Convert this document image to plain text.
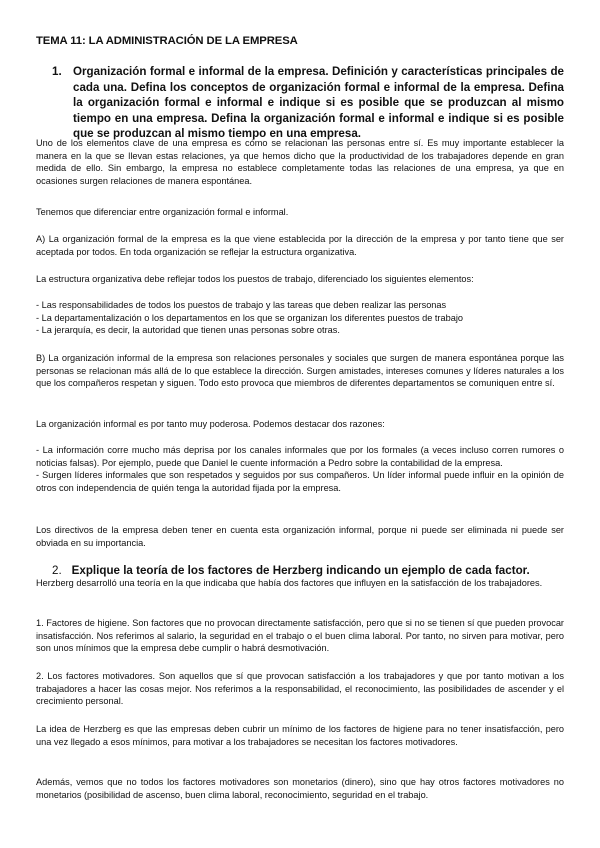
TEMA 11: LA ADMINISTRACIÓN DE LA EMPRESA
1. Organización formal e informal de la empresa. Definición y características principales de cada una. Defina los conceptos de organización formal e informal de la empresa. Defina la organización formal e informal e indique si es posible que se produzcan al mismo tiempo en una empresa. Defina la organización formal e informal e indique si es posible que se produzcan al mismo tiempo en una empresa.
Uno de los elementos clave de una empresa es cómo se relacionan las personas entre sí. Es muy importante establecer la manera en la que se llevan estas relaciones, ya que hemos dicho que la productividad de los trabajadores depende en gran medida de ello. Sin embargo, la empresa no establece completamente todas las relaciones de una empresa, ya que en ocasiones surgen relaciones de manera espontánea.
Tenemos que diferenciar entre organización formal e informal.
A) La organización formal de la empresa es la que viene establecida por la dirección de la empresa y por tanto tiene que ser aceptada por todos. En toda organización se reflejar la estructura organizativa.
La estructura organizativa debe reflejar todos los puestos de trabajo, diferenciado los siguientes elementos:
- Las responsabilidades de todos los puestos de trabajo y las tareas que deben realizar las personas
- La departamentalización o los departamentos en los que se organizan los diferentes puestos de trabajo
- La jerarquía, es decir, la autoridad que tienen unas personas sobre otras.
B) La organización informal de la empresa son relaciones personales y sociales que surgen de manera espontánea porque las personas se relacionan más allá de lo que establece la dirección. Surgen amistades, intereses comunes y líderes naturales a los que los compañeros respetan y siguen. Todo esto provoca que miembros de diferentes departamentos se comuniquen entre sí.
La organización informal es por tanto muy poderosa. Podemos destacar dos razones:
- La información corre mucho más deprisa por los canales informales que por los formales (a veces incluso corren rumores o noticias falsas). Por ejemplo, puede que Daniel le cuente información a Pedro sobre la contabilidad de la empresa.
- Surgen líderes informales que son respetados y seguidos por sus compañeros. Un líder informal puede influir en la opinión de otros con independencia de quién tenga la autoridad fijada por la empresa.
Los directivos de la empresa deben tener en cuenta esta organización informal, porque ni puede ser eliminada ni puede ser obviada en su importancia.
2. Explique la teoría de los factores de Herzberg indicando un ejemplo de cada factor.
Herzberg desarrolló una teoría en la que indicaba que había dos factores que influyen en la satisfacción de los trabajadores.
1. Factores de higiene. Son factores que no provocan directamente satisfacción, pero que si no se tienen sí que pueden provocar insatisfacción. Nos referimos al salario, la seguridad en el trabajo o el buen clima laboral. Por tanto, no sirven para motivar, pero son unos mínimos que la empresa debe cumplir o habrá desmotivación.
2. Los factores motivadores. Son aquellos que sí que provocan satisfacción a los trabajadores y que por tanto motivan a los trabajadores a hacer las cosas mejor. Nos referimos a la responsabilidad, el reconocimiento, las posibilidades de ascender y el crecimiento personal.
La idea de Herzberg es que las empresas deben cubrir un mínimo de los factores de higiene para no tener insatisfacción, pero una vez llegado a esos mínimos, para motivar a los trabajadores se necesitan los factores motivadores.
Además, vemos que no todos los factores motivadores son monetarios (dinero), sino que hay otros factores motivadores no monetarios (posibilidad de ascenso, buen clima laboral, reconocimiento, seguridad en el trabajo.
